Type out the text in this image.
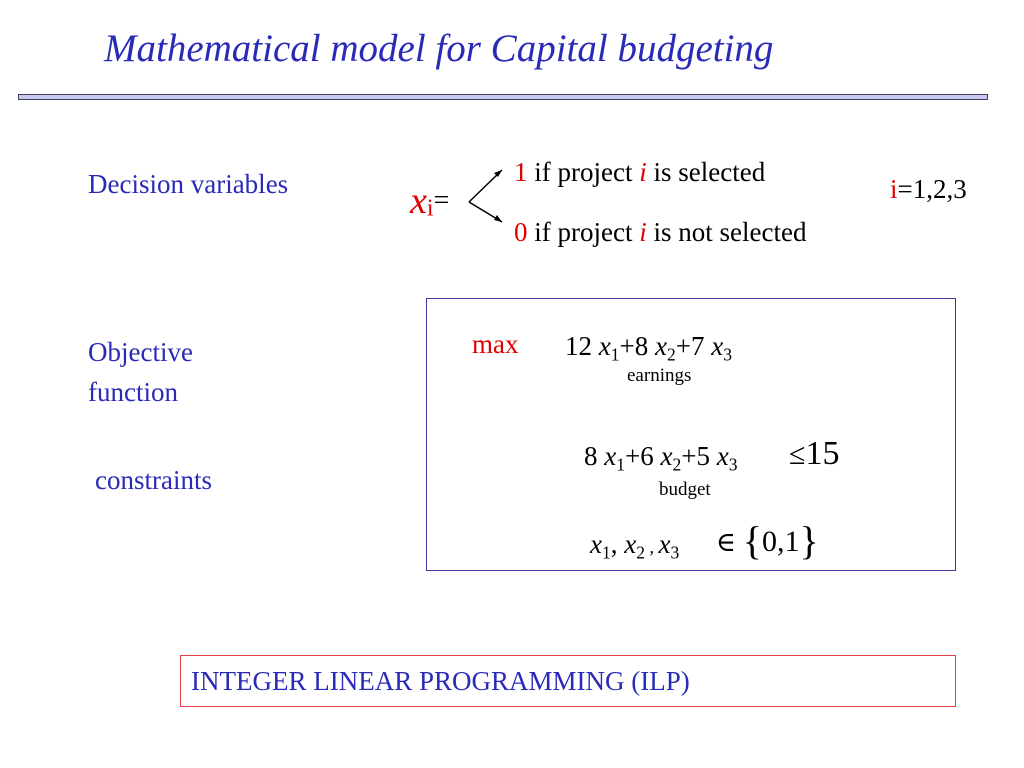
Mathematical model for Capital budgeting
Decision variables	$x_i=$
1 if project i is selected
0 if project i is not selected
i=1,2,3
Objective
function
constraints
max 12 $x_1+8$ $x_2+7$ $x_3$
earnings
8 $x_1+6$ $x_2+5$ $x_3 \le 15$
budget
$x_1$, $x_2$ , $x_3$ ∈ {0,1}
INTEGER LINEAR PROGRAMMING (ILP)
